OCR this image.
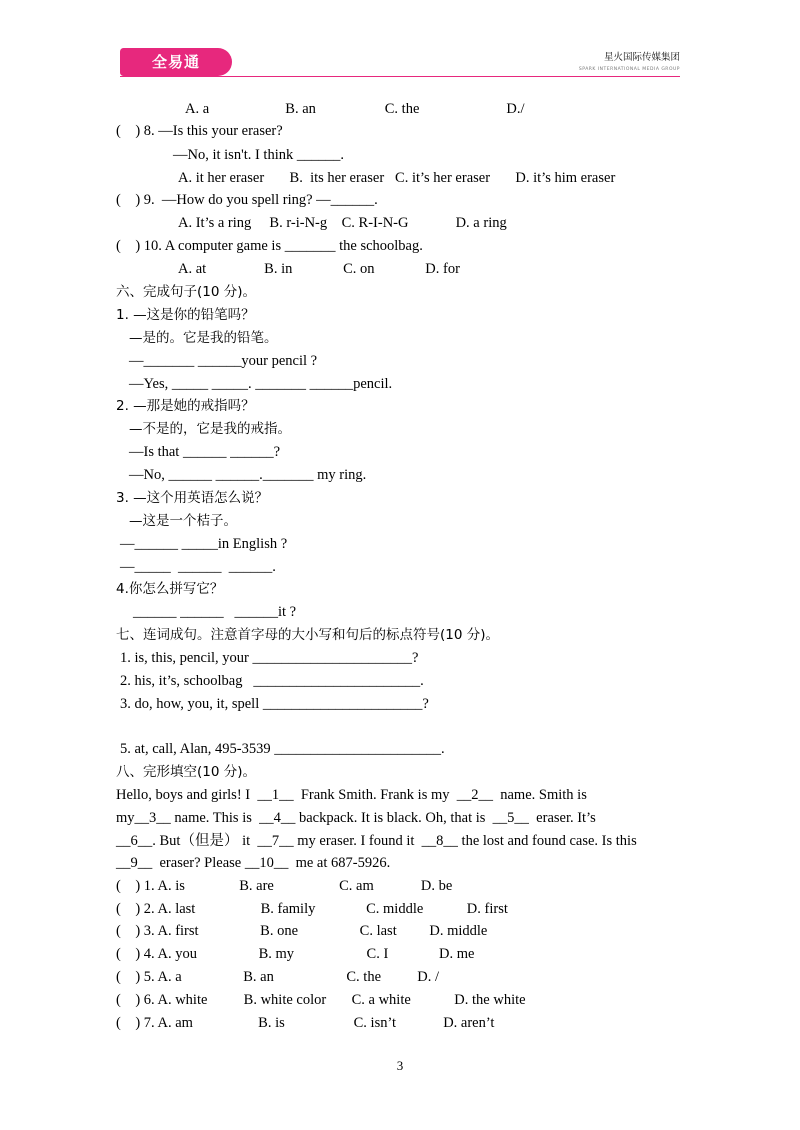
全易通	星火国际传媒集团
SPARK INTERNATIONAL MEDIA GROUP
A. a                     B. an                   C. the                        D./
(    ) 8. —Is this your eraser?
—No, it isn't. I think ______.
A. it her eraser       B.  its her eraser   C. it’s her eraser       D. it’s him eraser
(    ) 9.  —How do you spell ring? —______.
A. It’s a ring     B. r-i-N-g    C. R-I-N-G             D. a ring
(    ) 10. A computer game is _______ the schoolbag.
A. at                B. in              C. on              D. for
六、完成句子(10 分)。
1. —这是你的铅笔吗？
—是的。它是我的铅笔。
—_______ ______your pencil ?
—Yes, _____ _____. _______ ______pencil.
2. —那是她的戒指吗？
—不是的，它是我的戒指。
—Is that ______ ______?
—No, ______ ______._______ my ring.
3. —这个用英语怎么说？
—这是一个桔子。
—______ _____in English ?
—_____  ______  ______.
4.你怎么拼写它？
______ ______   ______it ?
七、连词成句。注意首字母的大小写和句后的标点符号(10 分)。
1. is, this, pencil, your ______________________?
2. his, it’s, schoolbag   _______________________.
3. do, how, you, it, spell ______________________?
5. at, call, Alan, 495-3539 _______________________.
八、完形填空(10 分)。
Hello, boys and girls! I  __1__  Frank Smith. Frank is my  __2__  name. Smith is
my__3__ name. This is  __4__ backpack. It is black. Oh, that is  __5__  eraser. It’s
__6__. But（但是） it  __7__ my eraser. I found it  __8__ the lost and found case. Is this
__9__  eraser? Please __10__  me at 687-5926.
(    ) 1. A. is               B. are                  C. am             D. be
(    ) 2. A. last                  B. family              C. middle            D. first
(    ) 3. A. first                 B. one                 C. last         D. middle
(    ) 4. A. you                 B. my                    C. I              D. me
(    ) 5. A. a                 B. an                    C. the          D. /
(    ) 6. A. white          B. white color       C. a white            D. the white
(    ) 7. A. am                  B. is                   C. isn’t             D. aren’t
3
